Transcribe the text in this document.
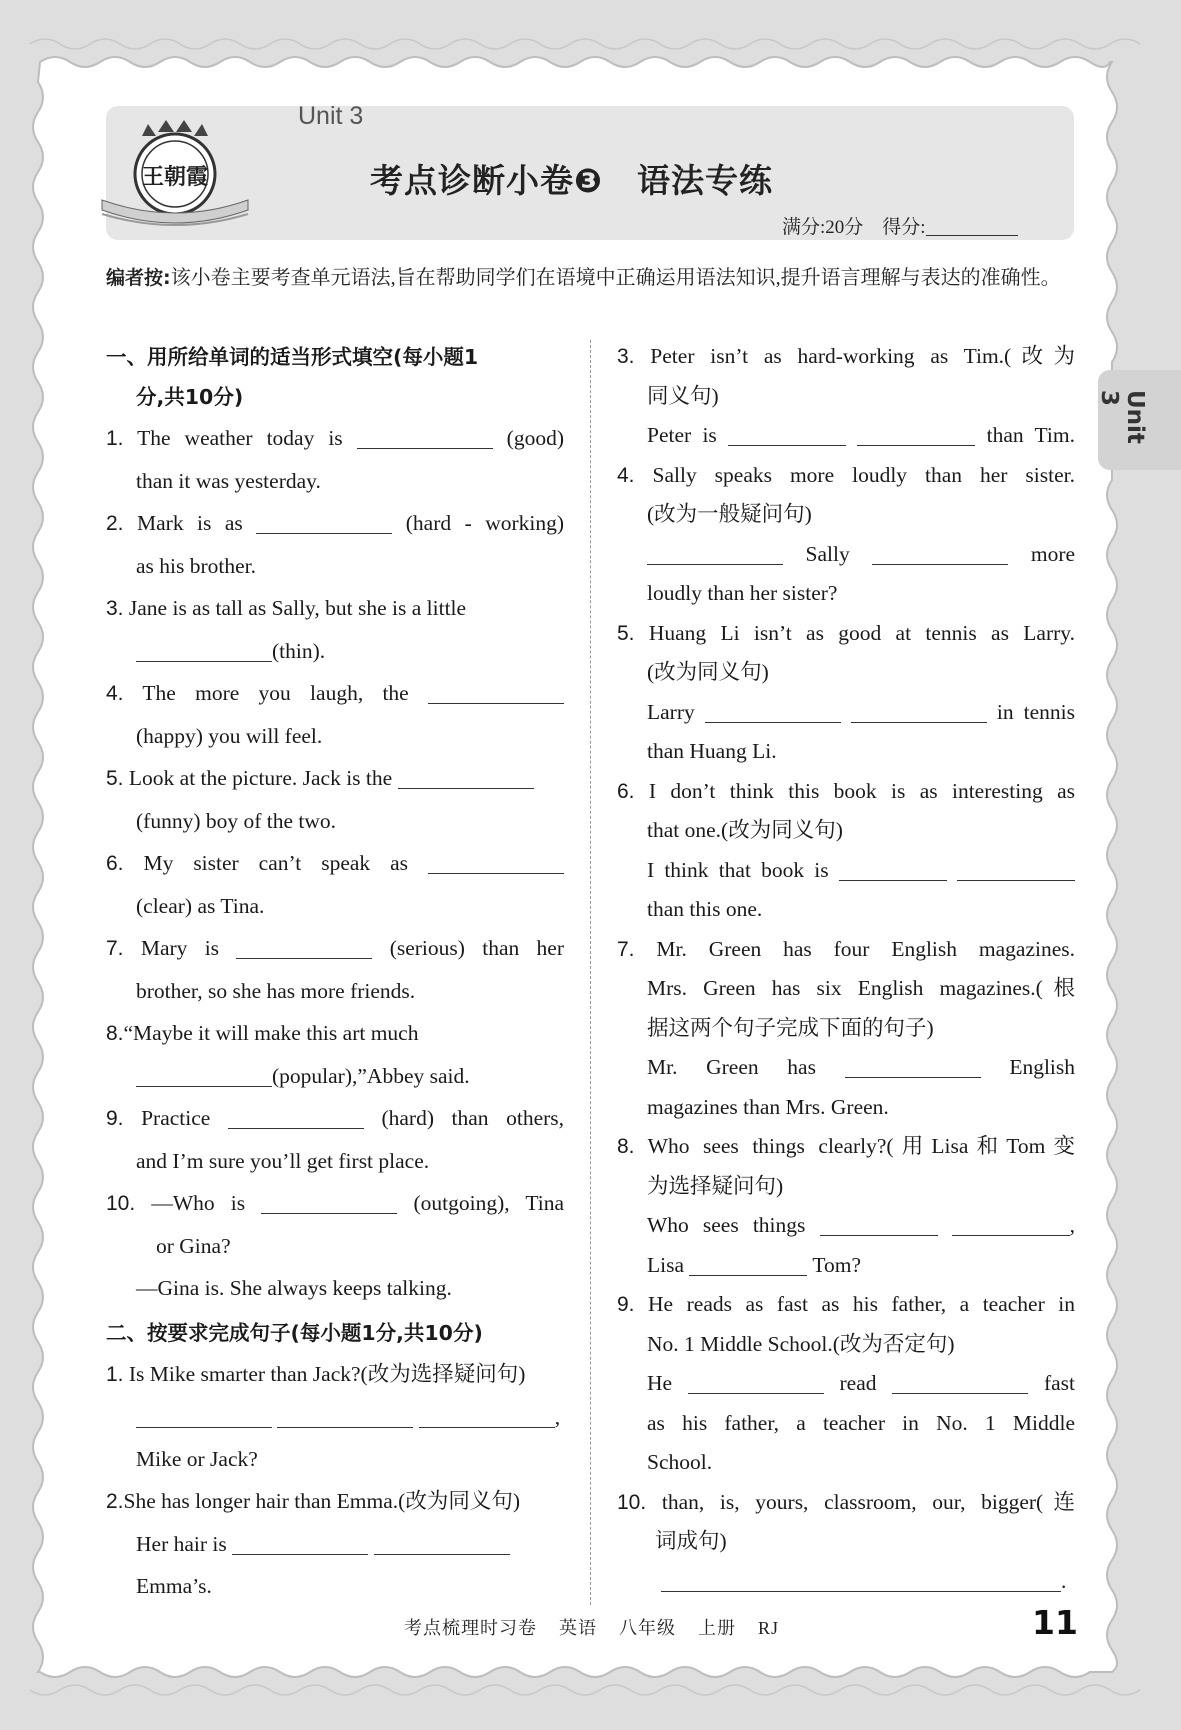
王朝霞
Unit 3
考点诊断小卷❸　语法专练
满分:20分　得分:
编者按:该小卷主要考查单元语法,旨在帮助同学们在语境中正确运用语法知识,提升语言理解与表达的准确性。
Unit 3
一、用所给单词的适当形式填空(每小题1
分,共10分)
1. The weather today is	(good)
than it was yesterday.
2. Mark is as	(hard - working)
as his brother.
3. Jane is as tall as Sally, but she is a little
(thin).
4. The more you laugh, the
(happy) you will feel.
5. Look at the picture. Jack is the
(funny) boy of the two.
6. My sister can’t speak as
(clear) as Tina.
7. Mary is	(serious) than her
brother, so she has more friends.
8.“Maybe it will make this art much
(popular),”Abbey said.
9. Practice	(hard) than others,
and I’m sure you’ll get first place.
10. —Who is	(outgoing), Tina
or Gina?
—Gina is. She always keeps talking.
二、按要求完成句子(每小题1分,共10分)
1. Is Mike smarter than Jack?(改为选择疑问句)
,
Mike or Jack?
2.She has longer hair than Emma.(改为同义句)
Her hair is
Emma’s.
3. Peter isn’t as hard-working as Tim.(改为
同义句)
Peter is	than Tim.
4. Sally speaks more loudly than her sister.
(改为一般疑问句)
Sally	more
loudly than her sister?
5. Huang Li isn’t as good at tennis as Larry.
(改为同义句)
Larry	in tennis
than Huang Li.
6. I don’t think this book is as interesting as
that one.(改为同义句)
I think that book is
than this one.
7. Mr. Green has four English magazines.
Mrs. Green has six English magazines.(根
据这两个句子完成下面的句子)
Mr. Green has	English
magazines than Mrs. Green.
8. Who sees things clearly?(用Lisa和Tom变
为选择疑问句)
Who sees things	,
Lisa	Tom?
9. He reads as fast as his father, a teacher in
No. 1 Middle School.(改为否定句)
He	read	fast
as his father, a teacher in No. 1 Middle
School.
10. than, is, yours, classroom, our, bigger(连
词成句)
.
考点梳理时习卷 英语 八年级 上册 RJ	11
